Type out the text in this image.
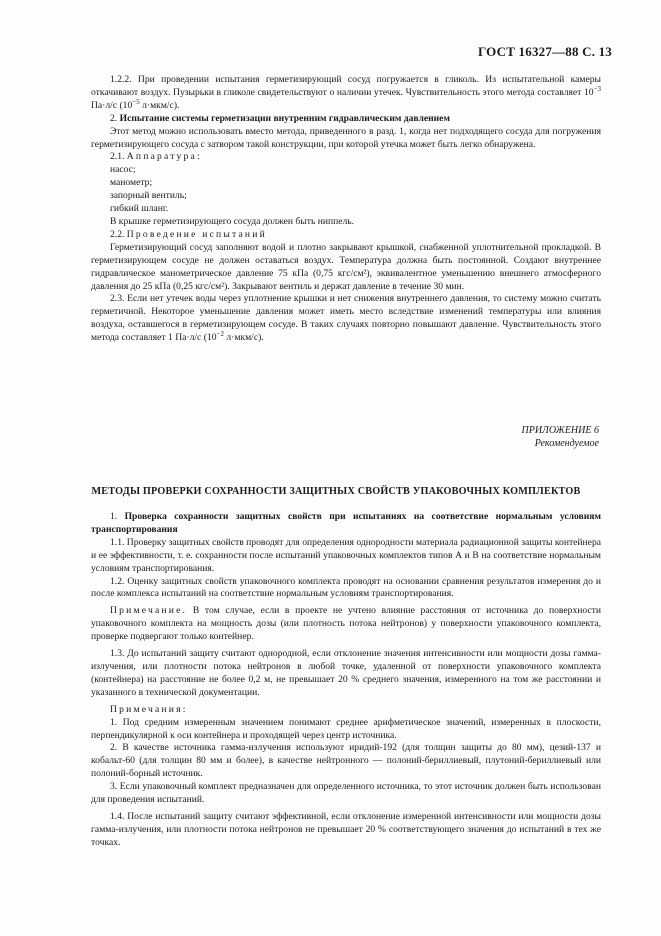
ГОСТ 16327—88 С. 13

1.2.2. При проведении испытания герметизирующий сосуд погружается в гликоль. Из испытательной камеры откачивают воздух. Пузырьки в гликоле свидетельствуют о наличии утечек. Чувствительность этого метода составляет $10^{-3}$ Па·л/с ($10^{-5}$ л·мкм/с).

2. Испытание системы герметизации внутренним гидравлическим давлением

Этот метод можно использовать вместо метода, приведенного в разд. 1, когда нет подходящего сосуда для погружения герметизирующего сосуда с затвором такой конструкции, при которой утечка может быть легко обнаружена.

2.1. Аппаратура:

насос;

манометр;

запорный вентиль;

гибкий шланг.

В крышке герметизирующего сосуда должен быть ниппель.

2.2. Проведение испытаний

Герметизирующий сосуд заполняют водой и плотно закрывают крышкой, снабженной уплотнительной прокладкой. В герметизирующем сосуде не должен оставаться воздух. Температура должна быть постоянной. Создают внутреннее гидравлическое манометрическое давление 75 кПа (0,75 кгс/см²), эквивалентное уменьшению внешнего атмосферного давления до 25 кПа (0,25 кгс/см²). Закрывают вентиль и держат давление в течение 30 мин.

2.3. Если нет утечек воды через уплотнение крышки и нет снижения внутреннего давления, то систему можно считать герметичной. Некоторое уменьшение давления может иметь место вследствие изменений температуры или влияния воздуха, оставшегося в герметизирующем сосуде. В таких случаях повторно повышают давление. Чувствительность этого метода составляет 1 Па·л/с ($10^{-2}$ л·мкм/с).

ПРИЛОЖЕНИЕ 6
Рекомендуемое
МЕТОДЫ ПРОВЕРКИ СОХРАННОСТИ ЗАЩИТНЫХ СВОЙСТВ УПАКОВОЧНЫХ КОМПЛЕКТОВ

1. Проверка сохранности защитных свойств при испытаниях на соответствие нормальным условиям транспортирования

1.1. Проверку защитных свойств проводят для определения однородности материала радиационной защиты контейнера и ее эффективности, т. е. сохранности после испытаний упаковочных комплектов типов А и В на соответствие нормальным условиям транспортирования.

1.2. Оценку защитных свойств упаковочного комплекта проводят на основании сравнения результатов измерения до и после комплекса испытаний на соответствие нормальным условиям транспортирования.

Примечание. В том случае, если в проекте не учтено влияние расстояния от источника до поверхности упаковочного комплекта на мощность дозы (или плотность потока нейтронов) у поверхности упаковочного комплекта, проверке подвергают только контейнер.

1.3. До испытаний защиту считают однородной, если отклонение значения интенсивности или мощности дозы гамма-излучения, или плотности потока нейтронов в любой точке, удаленной от поверхности упаковочного комплекта (контейнера) на расстояние не более 0,2 м, не превышает 20 % среднего значения, измеренного на том же расстоянии и указанного в технической документации.

Примечания:

1. Под средним измеренным значением понимают среднее арифметическое значений, измеренных в плоскости, перпендикулярной к оси контейнера и проходящей через центр источника.

2. В качестве источника гамма-излучения используют иридий-192 (для толщин защиты до 80 мм), цезий-137 и кобальт-60 (для толщин 80 мм и более), в качестве нейтронного — полоний-бериллиевый, плутоний-бериллиевый или полоний-борный источник.

3. Если упаковочный комплект предназначен для определенного источника, то этот источник должен быть использован для проведения испытаний.

1.4. После испытаний защиту считают эффективной, если отклонение измеренной интенсивности или мощности дозы гамма-излучения, или плотности потока нейтронов не превышает 20 % соответствующего значения до испытаний в тех же точках.
